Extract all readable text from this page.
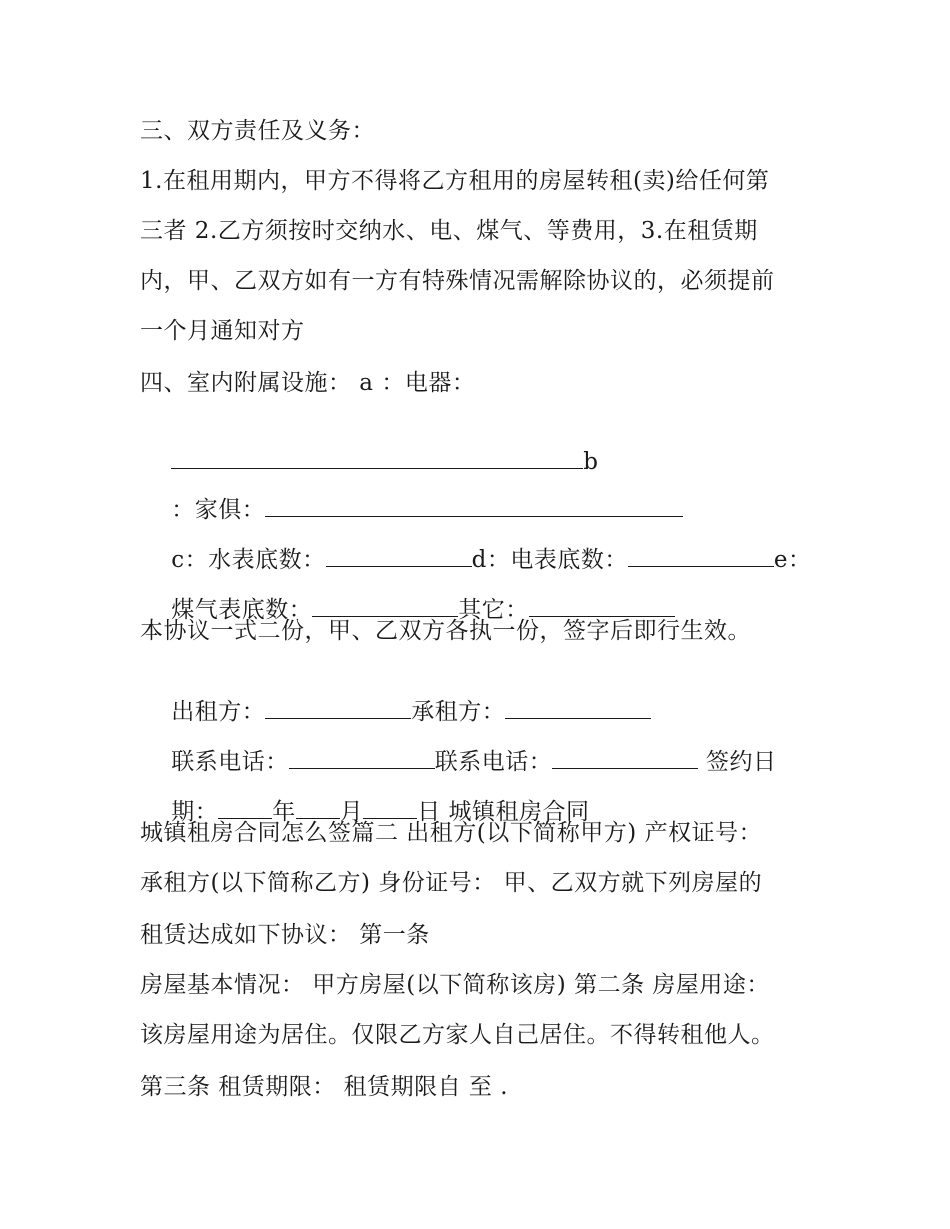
三、双方责任及义务：
1.在租用期内，甲方不得将乙方租用的房屋转租(卖)给任何第
三者 2.乙方须按时交纳水、电、煤气、等费用，3.在租赁期
内，甲、乙双方如有一方有特殊情况需解除协议的，必须提前
一个月通知对方
四、室内附属设施： a ：电器：

b

：家俱：

c：水表底数：	d：电表底数：	e：

煤气表底数：	其它：

本协议一式二份，甲、乙双方各执一份，签字后即行生效。

出租方：	承租方：

联系电话：	联系电话：	签约日

期： 年 月 日 城镇租房合同

城镇租房合同怎么签篇二 出租方(以下简称甲方) 产权证号：
承租方(以下简称乙方) 身份证号： 甲、乙双方就下列房屋的
租赁达成如下协议： 第一条
房屋基本情况： 甲方房屋(以下简称该房) 第二条 房屋用途：
该房屋用途为居住。仅限乙方家人自己居住。不得转租他人。
第三条 租赁期限： 租赁期限自 至 .
